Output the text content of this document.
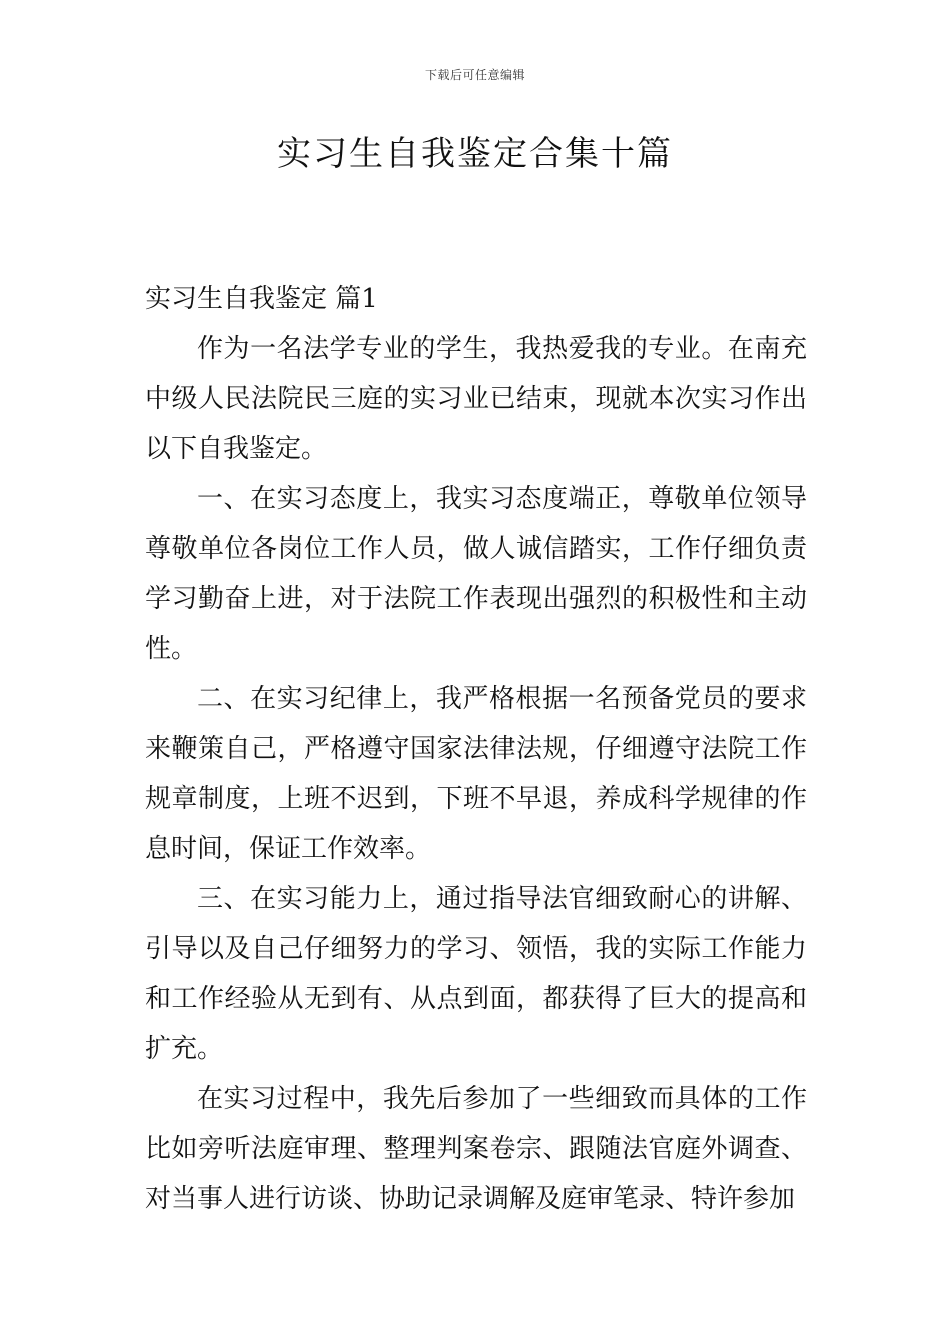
下载后可任意编辑
实习生自我鉴定合集十篇
实习生自我鉴定 篇1

作为一名法学专业的学生，我热爱我的专业。在南充中级人民法院民三庭的实习业已结束，现就本次实习作出以下自我鉴定。

一、在实习态度上，我实习态度端正，尊敬单位领导尊敬单位各岗位工作人员，做人诚信踏实，工作仔细负责学习勤奋上进，对于法院工作表现出强烈的积极性和主动性。

二、在实习纪律上，我严格根据一名预备党员的要求来鞭策自己，严格遵守国家法律法规，仔细遵守法院工作规章制度，上班不迟到，下班不早退，养成科学规律的作息时间，保证工作效率。

三、在实习能力上，通过指导法官细致耐心的讲解、引导以及自己仔细努力的学习、领悟，我的实际工作能力和工作经验从无到有、从点到面，都获得了巨大的提高和扩充。

在实习过程中，我先后参加了一些细致而具体的工作比如旁听法庭审理、整理判案卷宗、跟随法官庭外调查、对当事人进行访谈、协助记录调解及庭审笔录、特许参加
